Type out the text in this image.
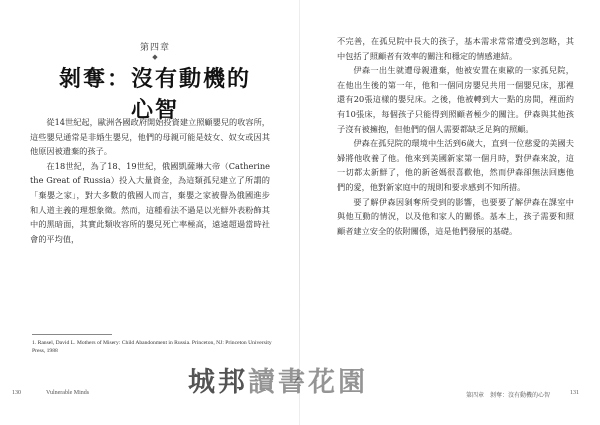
第四章
◆
剝奪：沒有動機的心智

從14世紀起，歐洲各國政府開始投資建立照顧嬰兒的收容所，這些嬰兒通常是非婚生嬰兒，他們的母親可能是妓女、奴女或因其他原因被遺棄的孩子。

在18世紀，為了18、19世紀，俄國凱薩琳大帝（Catherine the Great of Russia）投入大量資金，為這類孤兒建立了所謂的「棄嬰之家」，對大多數的俄國人而言，棄嬰之家被譽為俄國進步和人道主義的理想象徵。然而，這種看法不過是以光鮮外表粉飾其中的黑暗面，其實此類收容所的嬰兒死亡率極高，遠遠超過當時社會的平均值，

1. Ransel, David L. Mothers of Misery: Child Abandonment in Russia. Princeton, NJ: Princeton University Press, 1988
130	Vulnerable Minds

不完善，在孤兒院中長大的孩子，基本需求常常遭受到忽略，其中包括了照顧者有效率的關注和穩定的情感連結。

伊森一出生就遭母親遺棄，他被安置在東歐的一家孤兒院，在他出生後的第一年，他和一個同房嬰兒共用一個嬰兒床，那裡還有20張這樣的嬰兒床。之後，他被轉到大一點的房間，裡面約有10張床，每個孩子只能得到照顧者極少的關注。伊森與其他孩子沒有被擁抱，但他們的個人需要都缺乏足夠的照顧。

伊森在孤兒院的環境中生活到6歲大，直到一位慈愛的美國夫婦將他收養了他。他來到美國新家第一個月時，對伊森來說，這一切都太新鮮了，他的新爸媽很喜歡他，然而伊森卻無法回應他們的愛，他對新家庭中的規則和要求感到不知所措。

要了解伊森因剝奪所受到的影響，也要要了解伊森在課室中與他互動的情況，以及他和家人的關係。基本上，孩子需要和照顧者建立安全的依附關係，這是他們發展的基礎。

第四章　剝奪：沒有動機的心智	131
城邦讀書花園
